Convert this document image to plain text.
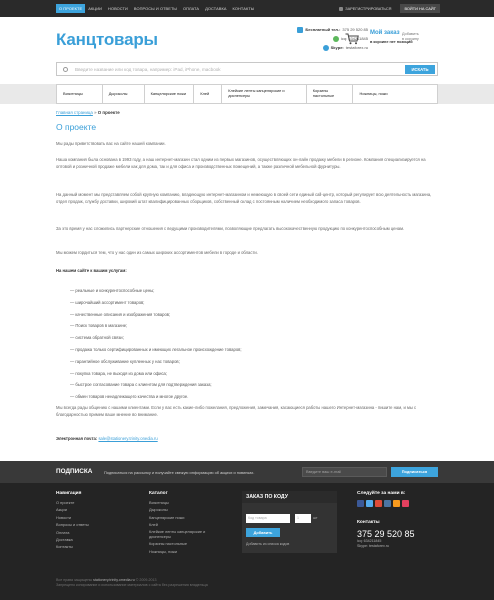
О ПРОЕКТЕ	АКЦИИ	НОВОСТИ	ВОПРОСЫ И ОТВЕТЫ	ОПЛАТА	ДОСТАВКА	КОНТАКТЫ	ЗАРЕГИСТРИРОВАТЬСЯ	ВОЙТИ НА САЙТ
Канцтовары
Бесплатный тел.: 375 29 520 85
icq: 634211845
Skype: testaforex.ru
Мой заказ Добавить
в корзину
в корзине нет позиций
Введите название или код товара, например: iPad, iPhone, macbook	ИСКАТЬ
Визитницы	Дыроколы	Канцелярские ножи	Клей	Клейкие ленты канцелярские и диспенсеры
Корзины настольные	Ножницы, ножи
Главная страница » О проекте
О проекте
Мы рады приветствовать вас на сайте нашей компании.
Наша компания была основана в 1993 году, а наш интернет-магазин стал одним из первых магазинов, осуществляющих он-лайн продажу мебели в регионе. Компания специализируется на оптовой и розничной продаже мебели как для дома, так и для офиса и производственных помещений, а также различной мебельной фурнитуры.
На данный момент мы представляем собой крупную компанию, владеющую интернет-магазином и немеющую в своей сети единый call-центр, который регулирует всю деятельность магазина, отдел продаж, службу доставки, широкий штат квалифицированных сборщиков, собственный склад с постоянным наличием необходимого запаса товаров.
За это время у нас сложились партнерские отношения с ведущими производителями, позволяющие предлагать высококачественную продукцию по конкурентоспособным ценам.
Мы можем гордиться тем, что у нас один из самых широких ассортиментов мебели в городе и области.
На нашем сайте к вашим услугам:
— реальные и конкурентоспособные цены;
— широчайший ассортимент товаров;
— качественные описания и изображения товаров;
— Поиск товаров в магазине;
— система обратной связи;
— продажа только сертифицированных и имеющих легальное происхождение товаров;
— гарантийное обслуживание купленных у нас товаров;
— покупка товара, не выходя из дома или офиса;
— быстрое согласование товара с клиентом для подтверждения заказа;
— обмен товаров ненадлежащего качества и многое другое.
Мы всегда рады общению с нашими клиентами. Если у вас есть какие-либо пожелания, предложения, замечания, касающиеся работы нашего Интернет-магазина - пишите нам, и мы с благодарностью примем ваше мнение во внимание.
Электронная почта: sale@stationery.trinity.onedia.ru
ПОДПИСКА	Подписаться на рассылку и получайте свежую информацию об акциях и новинках.	Введите ваш e-mail	Подписаться
Навигация
О проекте
Акции
Новости
Вопросы и ответы
Оплата
Доставка
Контакты
Каталог
Визитницы
Дыроколы
Канцелярские ножи
Клей
Клейкие ленты канцелярские и диспенсеры
Корзины настольные
Ножницы, ножи
ЗАКАЗ ПО КОДУ
Код товара	1	шт
Добавить
Добавить из списка кодов
Следуйте за нами в:
Контакты
375 29 520 85
icq: 634211845
Skype: testaforex.ru
Все права защищены stationery.trinity.omedia.ru © 2009-2013
Запрещено копирование и использование материалов с сайта без разрешения владельца
